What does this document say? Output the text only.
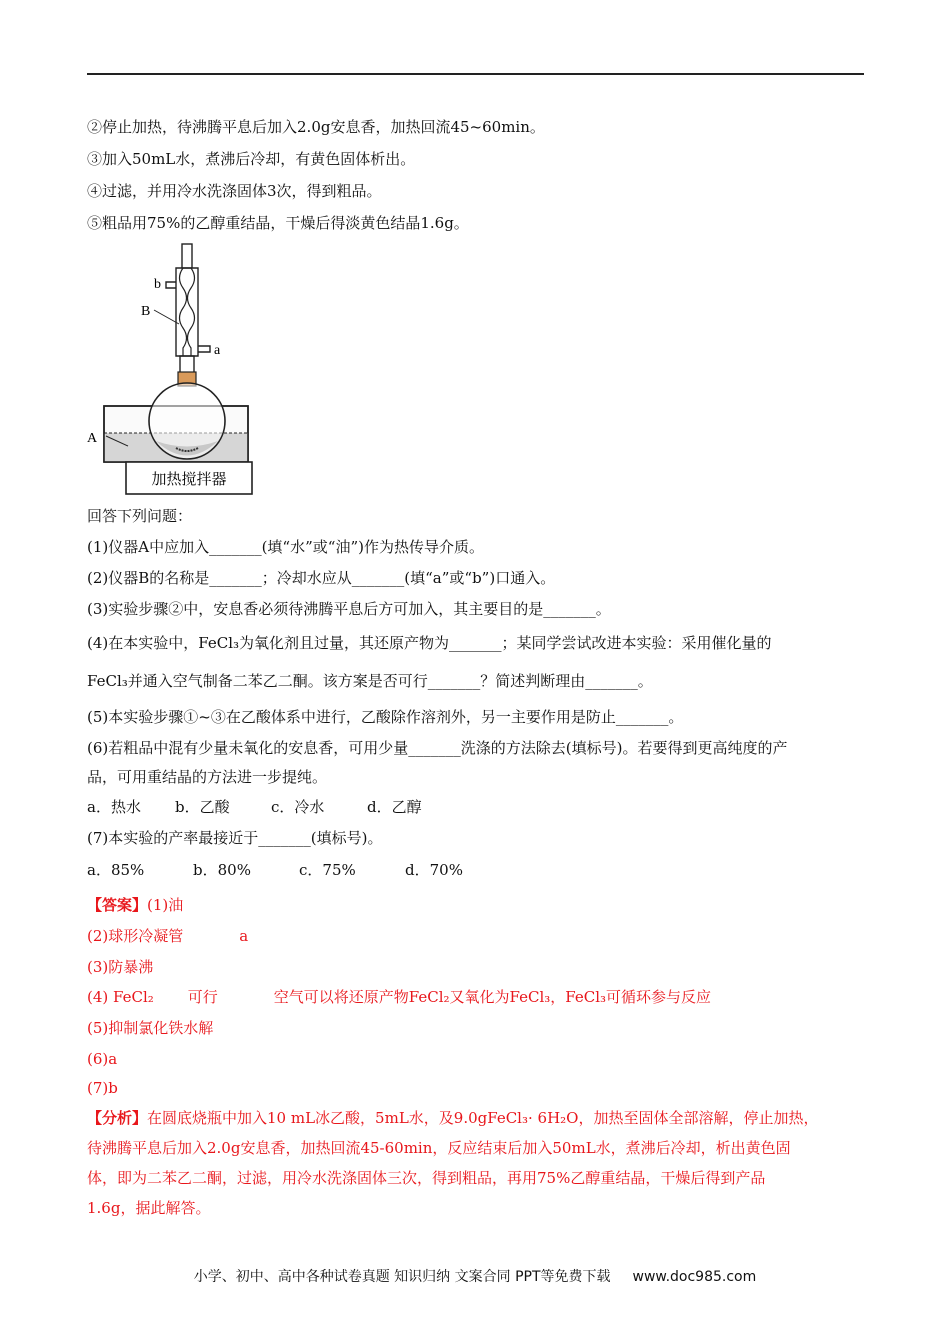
②停止加热，待沸腾平息后加入2.0g安息香，加热回流45~60min。
③加入50mL水，煮沸后冷却，有黄色固体析出。
④过滤，并用冷水洗涤固体3次，得到粗品。
⑤粗品用75%的乙醇重结晶，干燥后得淡黄色结晶1.6g。
b
B
a
A
加热搅拌器
回答下列问题：
(1)仪器A中应加入_______(填“水”或“油”)作为热传导介质。
(2)仪器B的名称是_______；冷却水应从_______(填“a”或“b”)口通入。
(3)实验步骤②中，安息香必须待沸腾平息后方可加入，其主要目的是_______。
(4)在本实验中，FeCl₃为氧化剂且过量，其还原产物为_______；某同学尝试改进本实验：采用催化量的
FeCl₃并通入空气制备二苯乙二酮。该方案是否可行_______？简述判断理由_______。
(5)本实验步骤①~③在乙酸体系中进行，乙酸除作溶剂外，另一主要作用是防止_______。
(6)若粗品中混有少量未氧化的安息香，可用少量_______洗涤的方法除去(填标号)。若要得到更高纯度的产
品，可用重结晶的方法进一步提纯。
a．热水 b．乙酸	c．冷水	d．乙醇
(7)本实验的产率最接近于_______(填标号)。
a．85%	b．80%	c．75%	d．70%
【答案】(1)油
(2)球形冷凝管	a
(3)防暴沸
(4) FeCl₂ 可行	空气可以将还原产物FeCl₂又氧化为FeCl₃，FeCl₃可循环参与反应
(5)抑制氯化铁水解
(6)a
(7)b
【分析】在圆底烧瓶中加入10 mL冰乙酸，5mL水，及9.0gFeCl₃· 6H₂O，加热至固体全部溶解，停止加热，
待沸腾平息后加入2.0g安息香，加热回流45-60min，反应结束后加入50mL水，煮沸后冷却，析出黄色固
体，即为二苯乙二酮，过滤，用冷水洗涤固体三次，得到粗品，再用75%乙醇重结晶，干燥后得到产品
1.6g，据此解答。
小学、初中、高中各种试卷真题 知识归纳 文案合同 PPT等免费下载 www.doc985.com
